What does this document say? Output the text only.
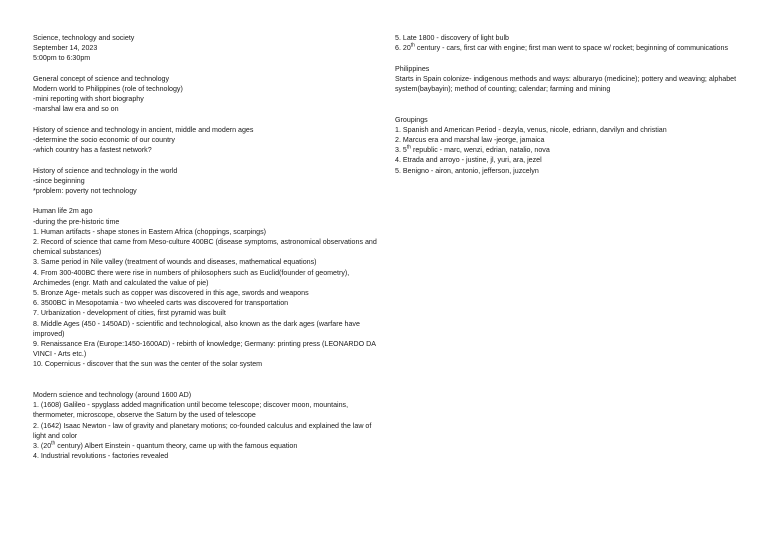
Science, technology and society
September 14, 2023
5:00pm to 6:30pm
General concept of science and technology
Modern world to Philippines (role of technology)
-mini reporting with short biography
-marshal law era and so on
History of science and technology in ancient, middle and modern ages
-determine the socio economic of our country
-which country has a fastest network?
History of science and technology in the world
-since beginning
*problem: poverty not technology
Human life 2m ago
-during the pre-historic time
1. Human artifacts - shape stones in Eastern Africa (choppings, scarpings)
2. Record of science that came from Meso-culture 400BC (disease symptoms, astronomical observations and chemical substances)
3. Same period in Nile valley (treatment of wounds and diseases, mathematical equations)
4. From 300-400BC there were rise in numbers of philosophers such as Euclid(founder of geometry), Archimedes (engr. Math and calculated the value of pie)
5. Bronze Age- metals such as copper was discovered in this age, swords and weapons
6. 3500BC in Mesopotamia - two wheeled carts was discovered for transportation
7. Urbanization - development of cities, first pyramid was built
8. Middle Ages (450 - 1450AD) - scientific and technological, also known as the dark ages (warfare have improved)
9. Renaissance Era (Europe:1450-1600AD) - rebirth of knowledge; Germany: printing press (LEONARDO DA VINCI - Arts etc.)
10. Copernicus - discover that the sun was the center of the solar system
Modern science and technology (around 1600 AD)
1. (1608) Galileo - spyglass added magnification until become telescope; discover moon, mountains, thermometer, microscope, observe the Saturn by the used of telescope
2. (1642) Isaac Newton - law of gravity and planetary motions; co-founded calculus and explained the law of light and color
3. (20th century) Albert Einstein - quantum theory, came up with the famous equation
4. Industrial revolutions - factories revealed
5. Late 1800 - discovery of light bulb
6. 20th century - cars, first car with engine; first man went to space w/ rocket; beginning of communications
Philippines
Starts in Spain colonize- indigenous methods and ways: alburaryo (medicine); pottery and weaving; alphabet system(baybayin); method of counting; calendar; farming and mining
Groupings
1. Spanish and American Period - dezyla, venus, nicole, edriann, darvilyn and christian
2. Marcus era and marshal law -jeorge, jamaica
3. 5th republic - marc, wenzi, edrian, natalio, nova
4. Etrada and arroyo - justine, jl, yuri, ara, jezel
5. Benigno - airon, antonio, jefferson, juzcelyn
